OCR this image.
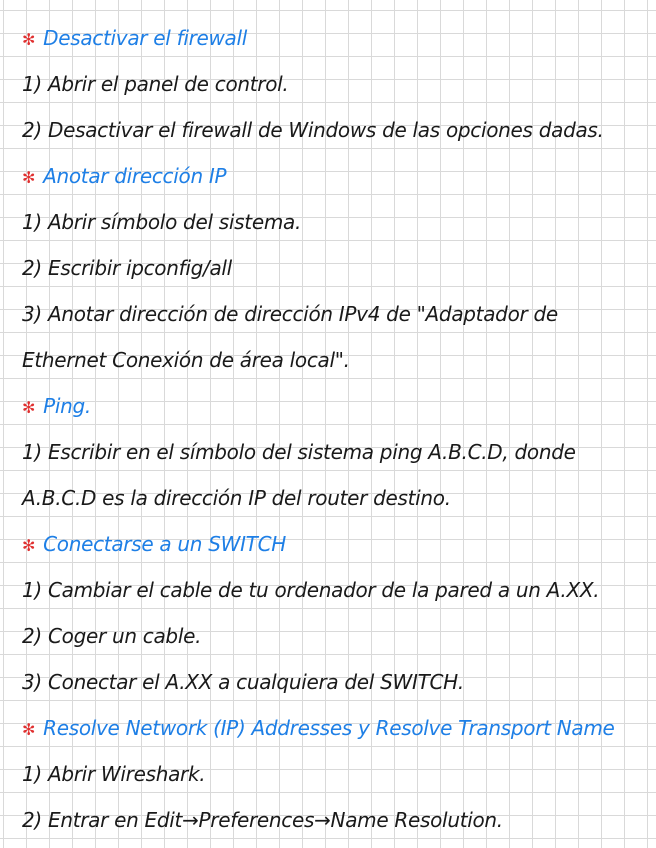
✻ Desactivar el firewall
1) Abrir el panel de control.
2) Desactivar el firewall de Windows de las opciones dadas.
✻ Anotar dirección IP
1) Abrir símbolo del sistema.
2) Escribir ipconfig/all
3) Anotar dirección de dirección IPv4 de "Adaptador de
Ethernet Conexión de área local".
✻ Ping.
1) Escribir en el símbolo del sistema ping A.B.C.D, donde
A.B.C.D es la dirección IP del router destino.
✻ Conectarse a un SWITCH
1) Cambiar el cable de tu ordenador de la pared a un A.XX.
2) Coger un cable.
3) Conectar el A.XX a cualquiera del SWITCH.
✻ Resolve Network (IP) Addresses y Resolve Transport Name
1) Abrir Wireshark.
2) Entrar en Edit→Preferences→Name Resolution.
